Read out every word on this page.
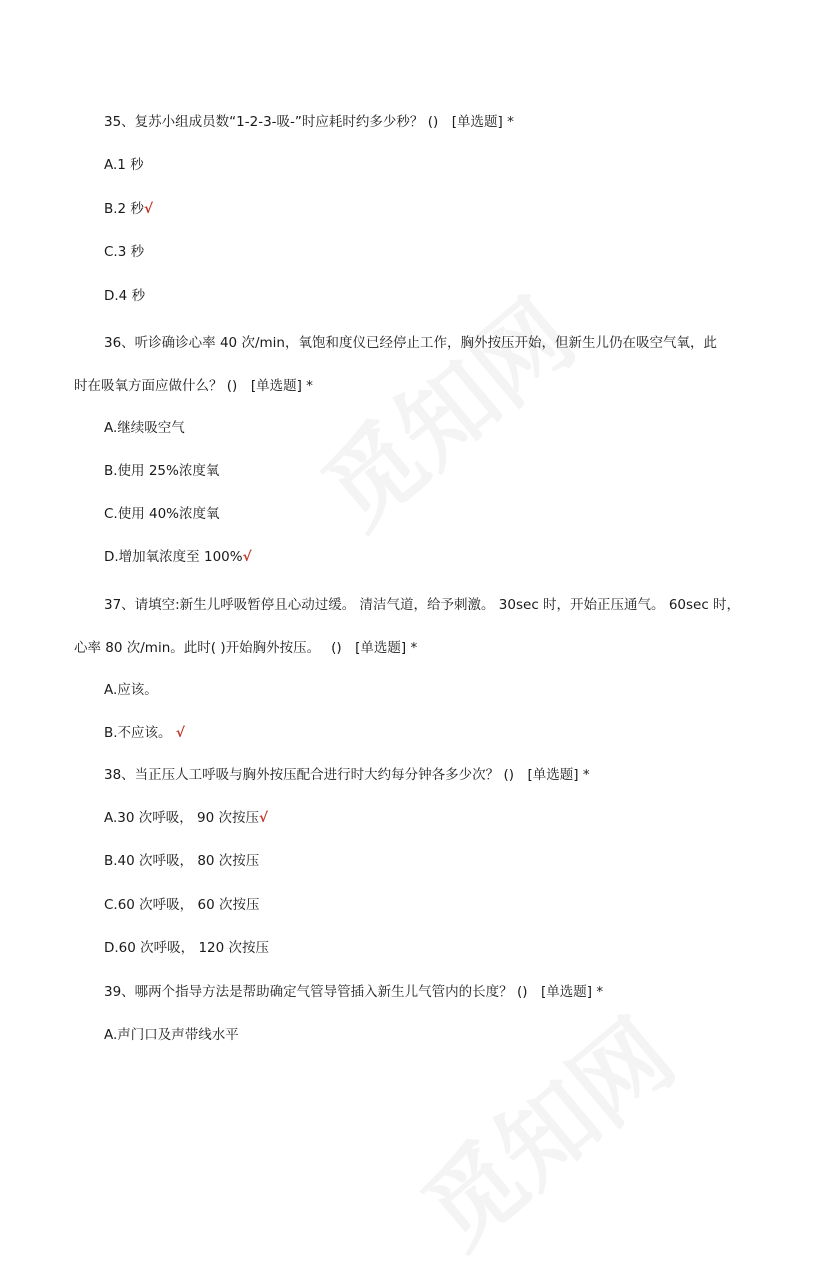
35、复苏小组成员数“1-2-3-吸-”时应耗时约多少秒？ ()　[单选题] *
A.1 秒
B.2 秒√
C.3 秒
D.4 秒
36、听诊确诊心率 40 次/min，氧饱和度仪已经停止工作，胸外按压开始，但新生儿仍在吸空气氧，此
时在吸氧方面应做什么？ ()　[单选题] *
A.继续吸空气
B.使用 25%浓度氧
C.使用 40%浓度氧
D.增加氧浓度至 100%√
37、请填空:新生儿呼吸暂停且心动过缓。 清洁气道，给予刺激。 30sec 时，开始正压通气。 60sec 时，
心率 80 次/min。此时( )开始胸外按压。　 ()　[单选题] *
A.应该。
B.不应该。 √
38、当正压人工呼吸与胸外按压配合进行时大约每分钟各多少次？ ()　[单选题] *
A.30 次呼吸， 90 次按压√
B.40 次呼吸， 80 次按压
C.60 次呼吸， 60 次按压
D.60 次呼吸， 120 次按压
39、哪两个指导方法是帮助确定气管导管插入新生儿气管内的长度？ ()　[单选题] *
A.声门口及声带线水平
